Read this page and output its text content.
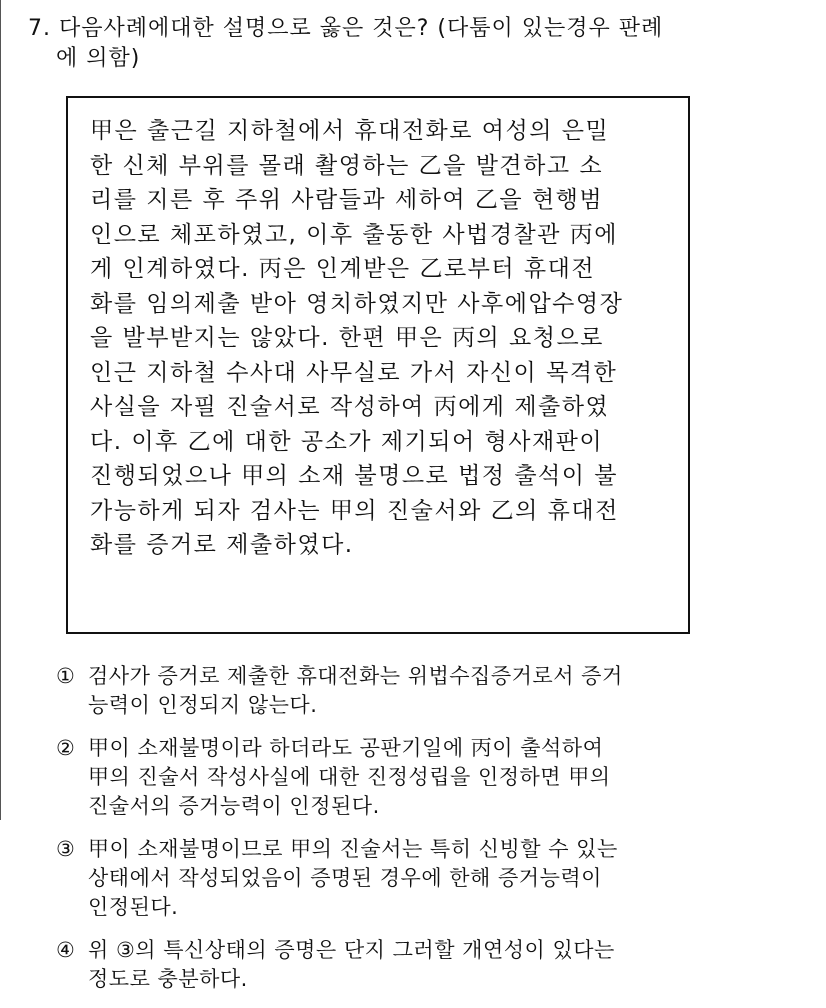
7. 다음사례에대한 설명으로 옳은 것은? (다툼이 있는경우 판례
에 의함)
甲은 출근길 지하철에서 휴대전화로 여성의 은밀
한 신체 부위를 몰래 촬영하는 乙을 발견하고 소
리를 지른 후 주위 사람들과 세하여 乙을 현행범
인으로 체포하였고, 이후 출동한 사법경찰관 丙에
게 인계하였다. 丙은 인계받은 乙로부터 휴대전
화를 임의제출 받아 영치하였지만 사후에압수영장
을 발부받지는 않았다. 한편 甲은 丙의 요청으로
인근 지하철 수사대 사무실로 가서 자신이 목격한
사실을 자필 진술서로 작성하여 丙에게 제출하였
다. 이후 乙에 대한 공소가 제기되어 형사재판이
진행되었으나 甲의 소재 불명으로 법정 출석이 불
가능하게 되자 검사는 甲의 진술서와 乙의 휴대전
화를 증거로 제출하였다.
① 검사가 증거로 제출한 휴대전화는 위법수집증거로서 증거
능력이 인정되지 않는다.
② 甲이 소재불명이라 하더라도 공판기일에 丙이 출석하여
甲의 진술서 작성사실에 대한 진정성립을 인정하면 甲의
진술서의 증거능력이 인정된다.
③ 甲이 소재불명이므로 甲의 진술서는 특히 신빙할 수 있는
상태에서 작성되었음이 증명된 경우에 한해 증거능력이
인정된다.
④ 위 ③의 특신상태의 증명은 단지 그러할 개연성이 있다는
정도로 충분하다.
